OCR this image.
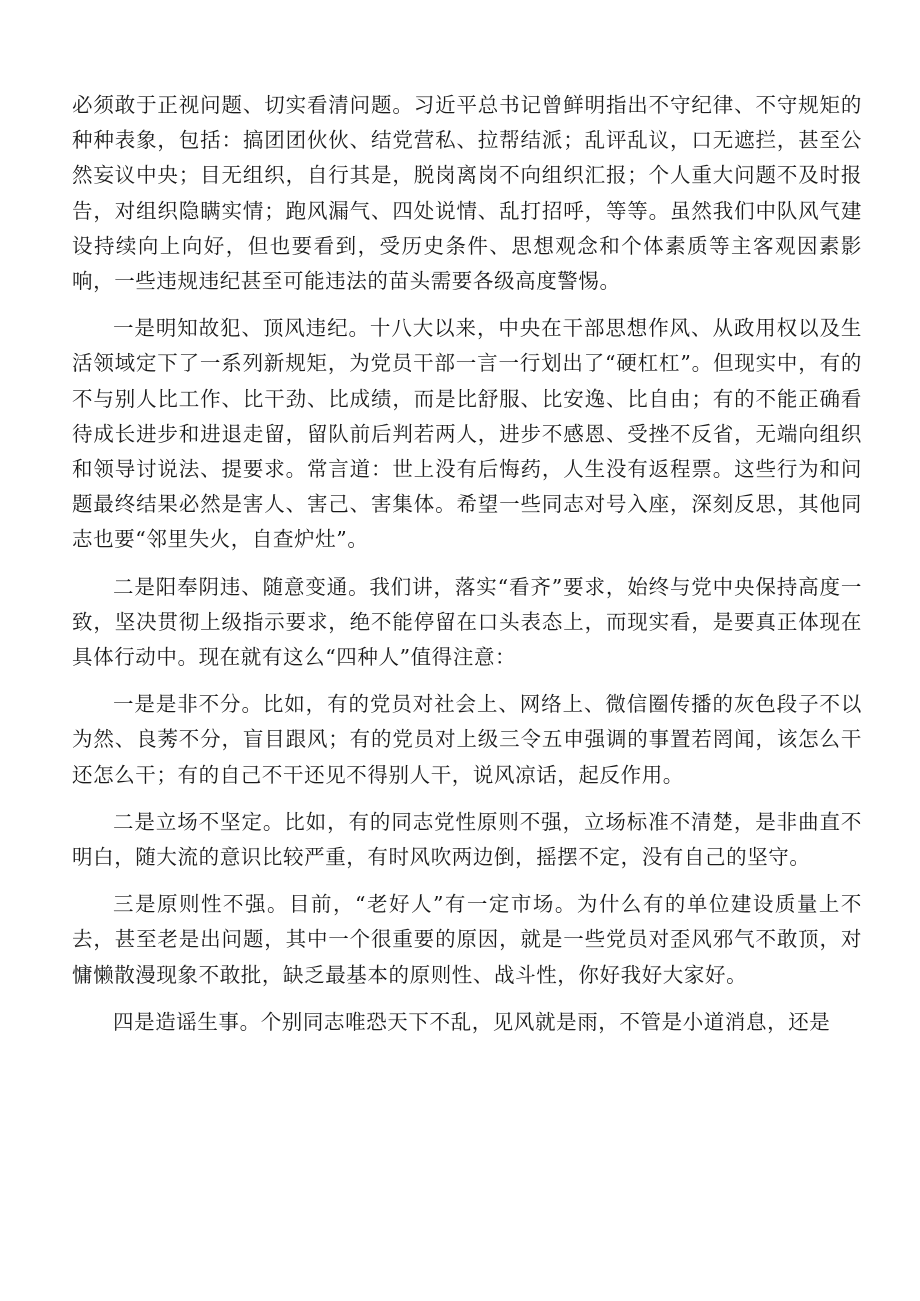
必须敢于正视问题、切实看清问题。习近平总书记曾鲜明指出不守纪律、不守规矩的种种表象，包括：搞团团伙伙、结党营私、拉帮结派；乱评乱议，口无遮拦，甚至公然妄议中央；目无组织，自行其是，脱岗离岗不向组织汇报；个人重大问题不及时报告，对组织隐瞒实情；跑风漏气、四处说情、乱打招呼，等等。虽然我们中队风气建设持续向上向好，但也要看到，受历史条件、思想观念和个体素质等主客观因素影响，一些违规违纪甚至可能违法的苗头需要各级高度警惕。

一是明知故犯、顶风违纪。十八大以来，中央在干部思想作风、从政用权以及生活领域定下了一系列新规矩，为党员干部一言一行划出了“硬杠杠”。但现实中，有的不与别人比工作、比干劲、比成绩，而是比舒服、比安逸、比自由；有的不能正确看待成长进步和进退走留，留队前后判若两人，进步不感恩、受挫不反省，无端向组织和领导讨说法、提要求。常言道：世上没有后悔药，人生没有返程票。这些行为和问题最终结果必然是害人、害己、害集体。希望一些同志对号入座，深刻反思，其他同志也要“邻里失火，自查炉灶”。

二是阳奉阴违、随意变通。我们讲，落实“看齐”要求，始终与党中央保持高度一致，坚决贯彻上级指示要求，绝不能停留在口头表态上，而现实看，是要真正体现在具体行动中。现在就有这么“四种人”值得注意：

一是是非不分。比如，有的党员对社会上、网络上、微信圈传播的灰色段子不以为然、良莠不分，盲目跟风；有的党员对上级三令五申强调的事置若罔闻，该怎么干还怎么干；有的自己不干还见不得别人干，说风凉话，起反作用。

二是立场不坚定。比如，有的同志党性原则不强，立场标准不清楚，是非曲直不明白，随大流的意识比较严重，有时风吹两边倒，摇摆不定，没有自己的坚守。

三是原则性不强。目前，“老好人”有一定市场。为什么有的单位建设质量上不去，甚至老是出问题，其中一个很重要的原因，就是一些党员对歪风邪气不敢顶，对慵懒散漫现象不敢批，缺乏最基本的原则性、战斗性，你好我好大家好。

四是造谣生事。个别同志唯恐天下不乱，见风就是雨，不管是小道消息，还是
